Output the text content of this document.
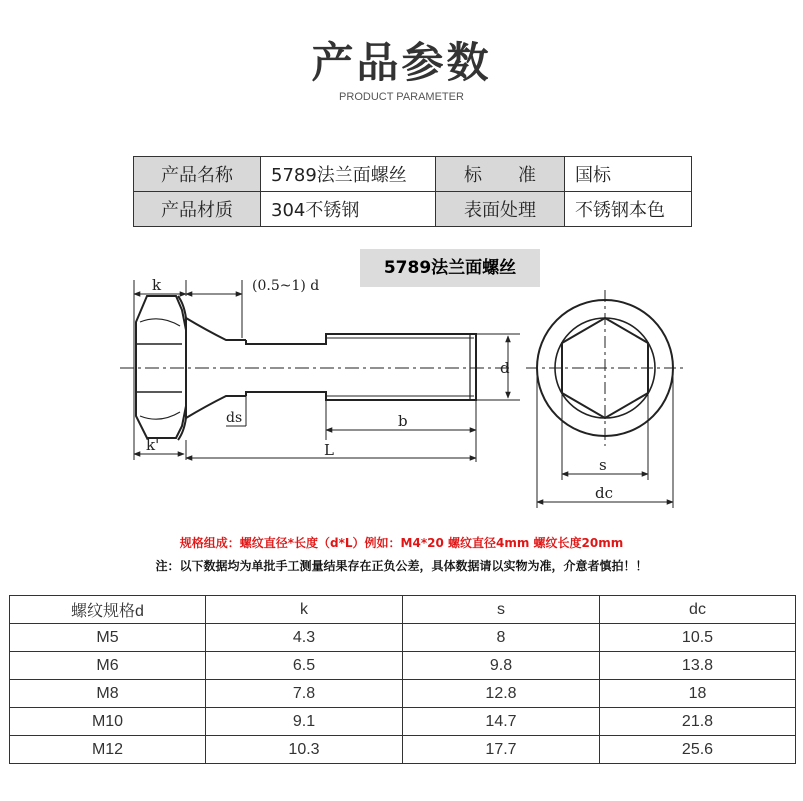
产品参数
PRODUCT PARAMETER
产品名称	5789法兰面螺丝	标　　准	国标
产品材质	304不锈钢	表面处理	不锈钢本色
k	(0.5~1) d
ds
k'
b
L
d
s
dc
5789法兰面螺丝
规格组成：螺纹直径*长度（d*L）例如：M4*20 螺纹直径4mm 螺纹长度20mm
注：以下数据均为单批手工测量结果存在正负公差，具体数据请以实物为准，介意者慎拍！！
螺纹规格d	k	s	dc
M5	4.3	8	10.5
M6	6.5	9.8	13.8
M8	7.8	12.8	18
M10	9.1	14.7	21.8
M12	10.3	17.7	25.6
